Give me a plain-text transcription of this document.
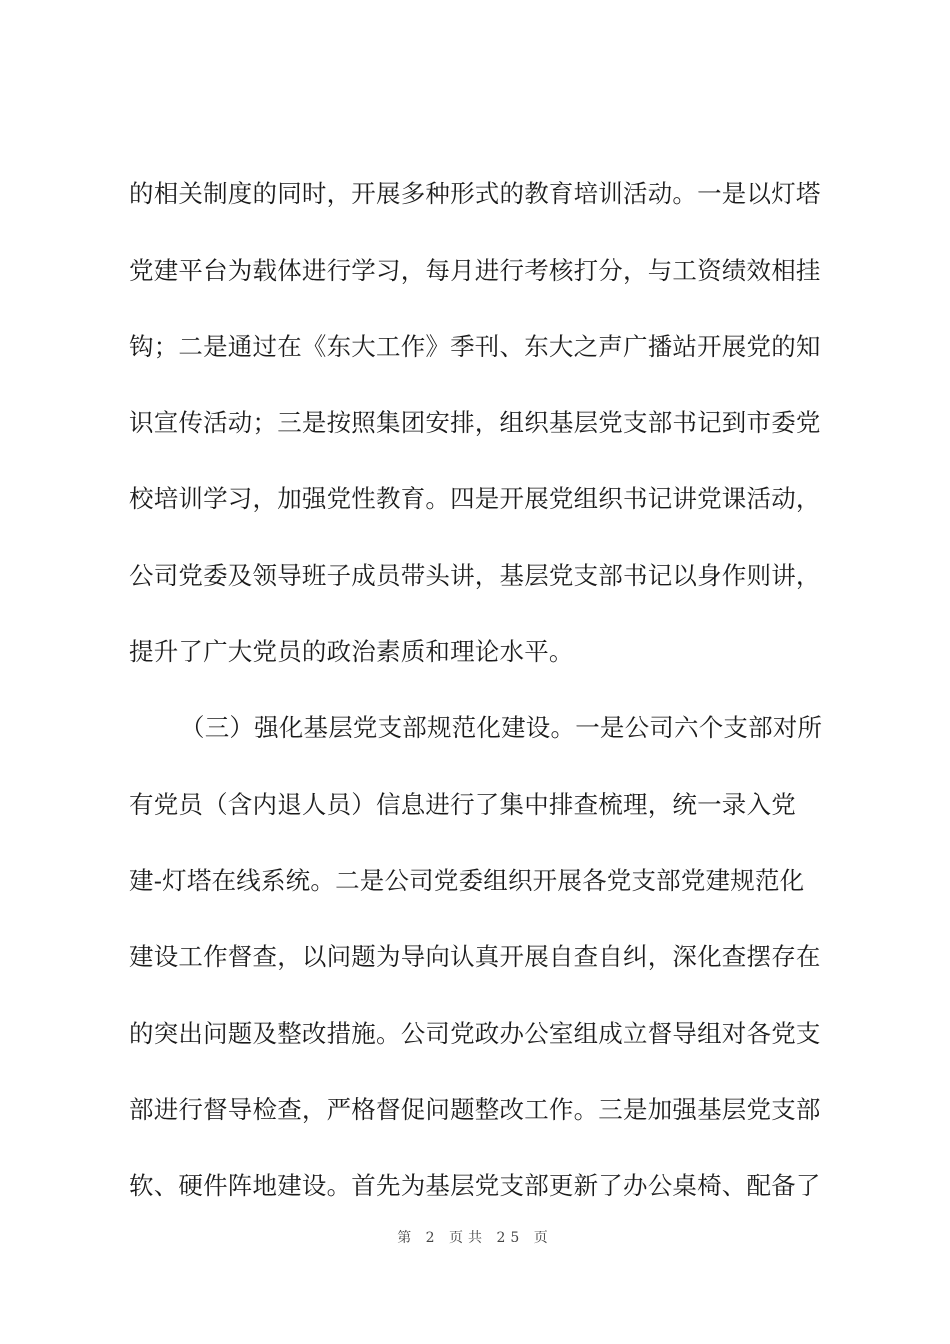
的相关制度的同时，开展多种形式的教育培训活动。一是以灯塔
党建平台为载体进行学习，每月进行考核打分，与工资绩效相挂
钩；二是通过在《东大工作》季刊、东大之声广播站开展党的知
识宣传活动；三是按照集团安排，组织基层党支部书记到市委党
校培训学习，加强党性教育。四是开展党组织书记讲党课活动，
公司党委及领导班子成员带头讲，基层党支部书记以身作则讲，
提升了广大党员的政治素质和理论水平。
（三）强化基层党支部规范化建设。一是公司六个支部对所
有党员（含内退人员）信息进行了集中排查梳理，统一录入党
建-灯塔在线系统。二是公司党委组织开展各党支部党建规范化
建设工作督查，以问题为导向认真开展自查自纠，深化查摆存在
的突出问题及整改措施。公司党政办公室组成立督导组对各党支
部进行督导检查，严格督促问题整改工作。三是加强基层党支部
软、硬件阵地建设。首先为基层党支部更新了办公桌椅、配备了
第 2 页共 25 页
